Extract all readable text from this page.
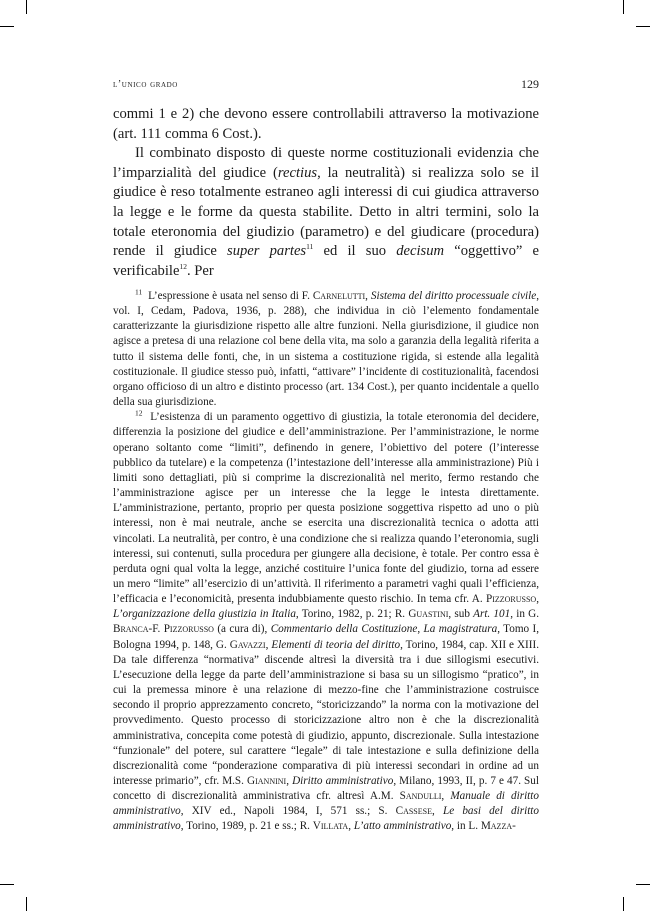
l’unico grado	129

commi 1 e 2) che devono essere controllabili attraverso la motivazione (art. 111 comma 6 Cost.).

Il combinato disposto di queste norme costituzionali evidenzia che l’imparzialità del giudice (rectius, la neutralità) si realizza solo se il giudice è reso totalmente estraneo agli interessi di cui giudica attraverso la legge e le forme da questa stabilite. Detto in altri termini, solo la totale eteronomia del giudizio (parametro) e del giudicare (procedura) rende il giudice super partes$^{11}$ ed il suo decisum “oggettivo” e verificabile$^{12}$. Per

$^{11}$ L’espressione è usata nel senso di F. Carnelutti, Sistema del diritto processuale civile, vol. I, Cedam, Padova, 1936, p. 288), che individua in ciò l’elemento fondamentale caratterizzante la giurisdizione rispetto alle altre funzioni. Nella giurisdizione, il giudice non agisce a pretesa di una relazione col bene della vita, ma solo a garanzia della legalità riferita a tutto il sistema delle fonti, che, in un sistema a costituzione rigida, si estende alla legalità costituzionale. Il giudice stesso può, infatti, “attivare” l’incidente di costituzionalità, facendosi organo officioso di un altro e distinto processo (art. 134 Cost.), per quanto incidentale a quello della sua giurisdizione.

$^{12}$ L’esistenza di un paramento oggettivo di giustizia, la totale eteronomia del decidere, differenzia la posizione del giudice e dell’amministrazione. Per l’amministrazione, le norme operano soltanto come “limiti”, definendo in genere, l’obiettivo del potere (l’interesse pubblico da tutelare) e la competenza (l’intestazione dell’interesse alla amministrazione) Più i limiti sono dettagliati, più si comprime la discrezionalità nel merito, fermo restando che l’amministrazione agisce per un interesse che la legge le intesta direttamente. L’amministrazione, pertanto, proprio per questa posizione soggettiva rispetto ad uno o più interessi, non è mai neutrale, anche se esercita una discrezionalità tecnica o adotta atti vincolati. La neutralità, per contro, è una condizione che si realizza quando l’eteronomia, sugli interessi, sui contenuti, sulla procedura per giungere alla decisione, è totale. Per contro essa è perduta ogni qual volta la legge, anziché costituire l’unica fonte del giudizio, torna ad essere un mero “limite” all’esercizio di un’attività. Il riferimento a parametri vaghi quali l’efficienza, l’efficacia e l’economicità, presenta indubbiamente questo rischio. In tema cfr. A. Pizzorusso, L’organizzazione della giustizia in Italia, Torino, 1982, p. 21; R. Guastini, sub Art. 101, in G. Branca-F. Pizzorusso (a cura di), Commentario della Costituzione, La magistratura, Tomo I, Bologna 1994, p. 148, G. Gavazzi, Elementi di teoria del diritto, Torino, 1984, cap. XII e XIII. Da tale differenza “normativa” discende altresì la diversità tra i due sillogismi esecutivi. L’esecuzione della legge da parte dell’amministrazione si basa su un sillogismo “pratico”, in cui la premessa minore è una relazione di mezzo-fine che l’amministrazione costruisce secondo il proprio apprezzamento concreto, “storicizzando” la norma con la motivazione del provvedimento. Questo processo di storicizzazione altro non è che la discrezionalità amministrativa, concepita come potestà di giudizio, appunto, discrezionale. Sulla intestazione “funzionale” del potere, sul carattere “legale” di tale intestazione e sulla definizione della discrezionalità come “ponderazione comparativa di più interessi secondari in ordine ad un interesse primario”, cfr. M.S. Giannini, Diritto amministrativo, Milano, 1993, II, p. 7 e 47. Sul concetto di discrezionalità amministrativa cfr. altresì A.M. Sandulli, Manuale di diritto amministrativo, XIV ed., Napoli 1984, I, 571 ss.; S. Cassese, Le basi del diritto amministrativo, Torino, 1989, p. 21 e ss.; R. Villata, L’atto amministrativo, in L. Mazza-
